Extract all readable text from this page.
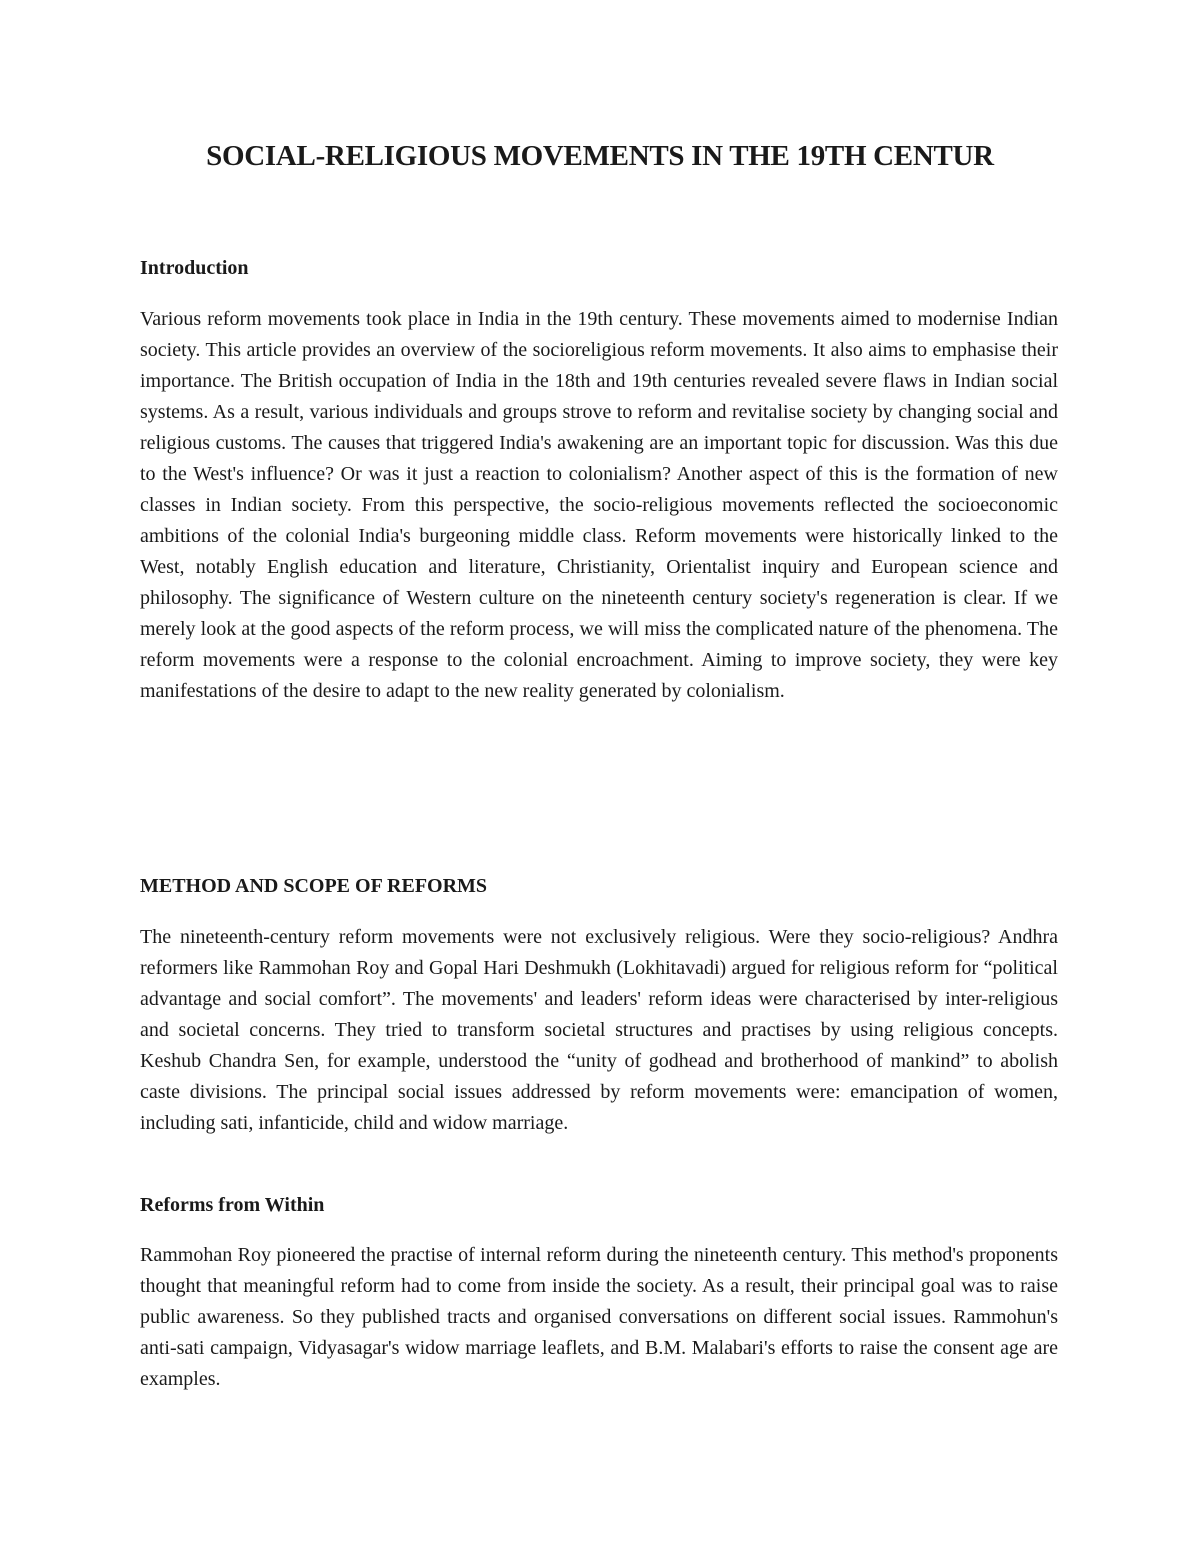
SOCIAL-RELIGIOUS MOVEMENTS IN THE 19TH CENTUR
Introduction

Various reform movements took place in India in the 19th century. These movements aimed to modernise Indian society. This article provides an overview of the socioreligious reform movements. It also aims to emphasise their importance. The British occupation of India in the 18th and 19th centuries revealed severe flaws in Indian social systems. As a result, various individuals and groups strove to reform and revitalise society by changing social and religious customs. The causes that triggered India's awakening are an important topic for discussion. Was this due to the West's influence? Or was it just a reaction to colonialism? Another aspect of this is the formation of new classes in Indian society. From this perspective, the socio-religious movements reflected the socioeconomic ambitions of the colonial India's burgeoning middle class. Reform movements were historically linked to the West, notably English education and literature, Christianity, Orientalist inquiry and European science and philosophy. The significance of Western culture on the nineteenth century society's regeneration is clear. If we merely look at the good aspects of the reform process, we will miss the complicated nature of the phenomena. The reform movements were a response to the colonial encroachment. Aiming to improve society, they were key manifestations of the desire to adapt to the new reality generated by colonialism.

METHOD AND SCOPE OF REFORMS

The nineteenth-century reform movements were not exclusively religious. Were they socio-religious? Andhra reformers like Rammohan Roy and Gopal Hari Deshmukh (Lokhitavadi) argued for religious reform for “political advantage and social comfort”. The movements' and leaders' reform ideas were characterised by inter-religious and societal concerns. They tried to transform societal structures and practises by using religious concepts. Keshub Chandra Sen, for example, understood the “unity of godhead and brotherhood of mankind” to abolish caste divisions. The principal social issues addressed by reform movements were: emancipation of women, including sati, infanticide, child and widow marriage.

Reforms from Within

Rammohan Roy pioneered the practise of internal reform during the nineteenth century. This method's proponents thought that meaningful reform had to come from inside the society. As a result, their principal goal was to raise public awareness. So they published tracts and organised conversations on different social issues. Rammohun's anti-sati campaign, Vidyasagar's widow marriage leaflets, and B.M. Malabari's efforts to raise the consent age are examples.
